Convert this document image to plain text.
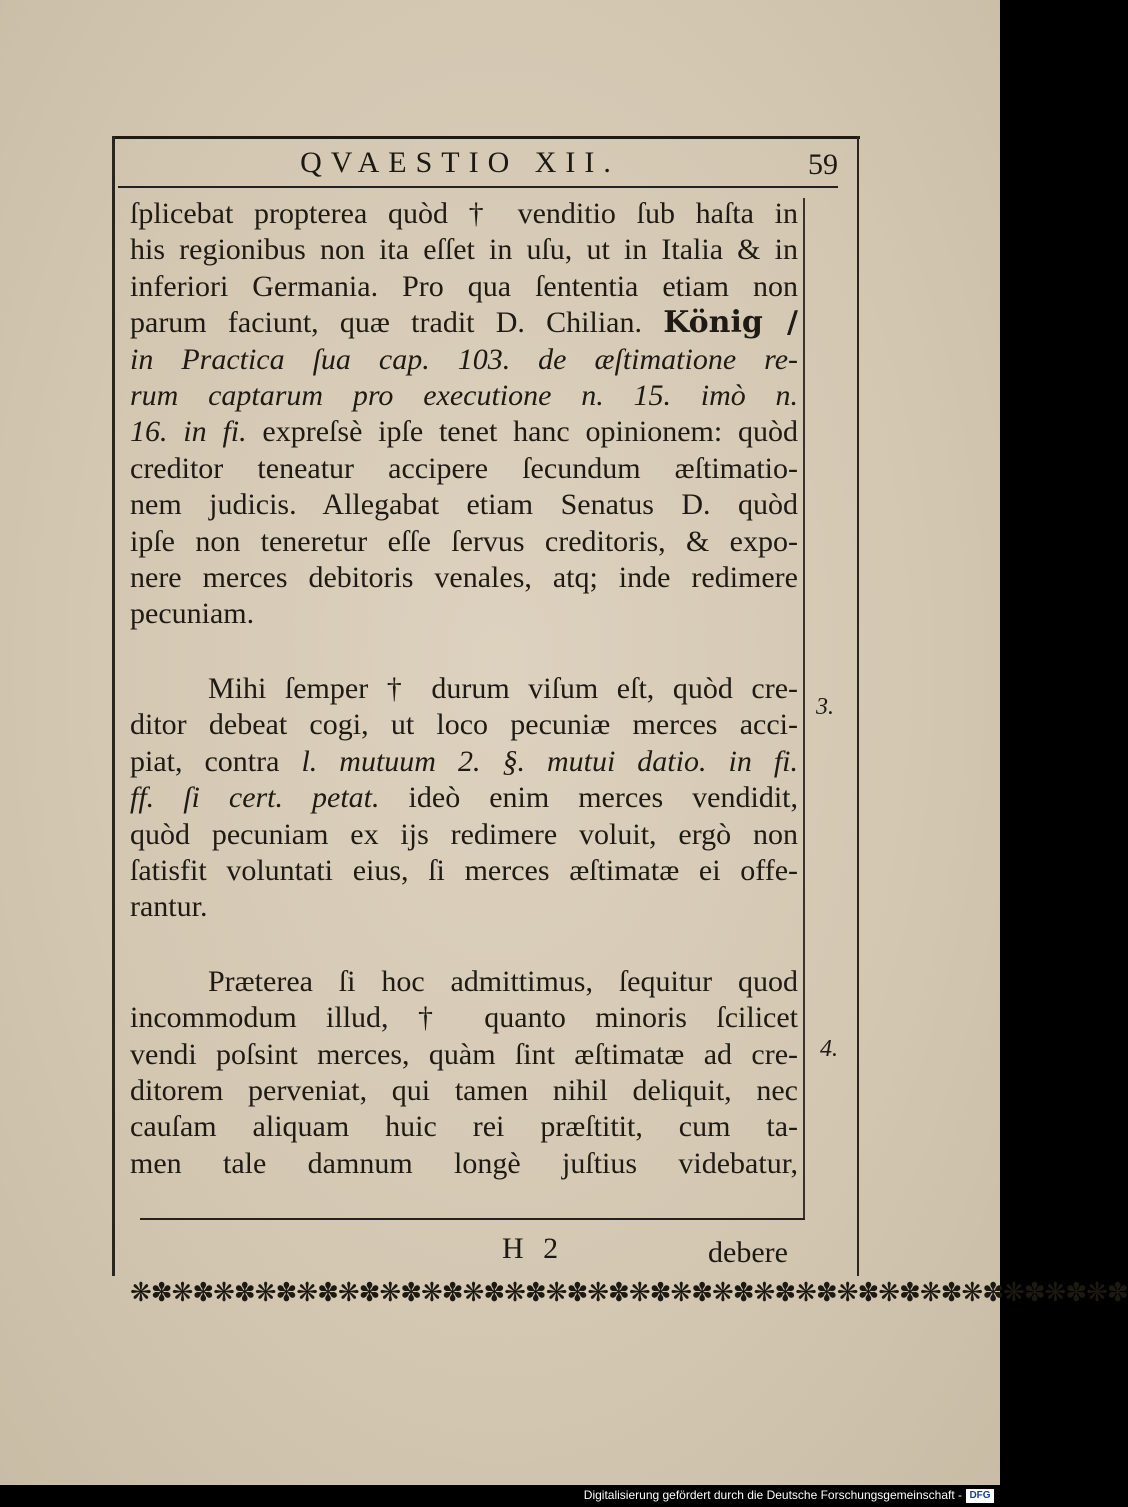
QVAESTIO XII.	59
ſplicebat propterea quòd † venditio ſub haſta in
his regionibus non ita eſſet in uſu, ut in Italia & in
inferiori Germania. Pro qua ſententia etiam non
parum faciunt, quæ tradit D. Chilian. König /
in Practica ſua cap. 103. de æſtimatione re-
rum captarum pro executione n. 15. imò n.
16. in fi. expreſsè ipſe tenet hanc opinionem: quòd
creditor teneatur accipere ſecundum æſtimatio-
nem judicis. Allegabat etiam Senatus D. quòd
ipſe non teneretur eſſe ſervus creditoris, & expo-
nere merces debitoris venales, atq; inde redimere
pecuniam.
Mihi ſemper † durum viſum eſt, quòd cre-
ditor debeat cogi, ut loco pecuniæ merces acci-
piat, contra l. mutuum 2. §. mutui datio. in fi.
ff. ſi cert. petat. ideò enim merces vendidit,
quòd pecuniam ex ijs redimere voluit, ergò non
ſatisfit voluntati eius, ſi merces æſtimatæ ei offe-
rantur.
Præterea ſi hoc admittimus, ſequitur quod
incommodum illud, † quanto minoris ſcilicet
vendi poſsint merces, quàm ſint æſtimatæ ad cre-
ditorem perveniat, qui tamen nihil deliquit, nec
cauſam aliquam huic rei præſtitit, cum ta-
men tale damnum longè juſtius videbatur,
3.
4.
H 2	debere
❋✽❋✽❋✽❋✽❋✽❋✽❋✽❋✽❋✽❋✽❋✽❋✽❋✽❋✽❋✽❋✽❋✽❋✽❋✽❋✽❋✽❋✽❋✽❋✽
Digitalisierung gefördert durch die Deutsche Forschungsgemeinschaft - DFG
